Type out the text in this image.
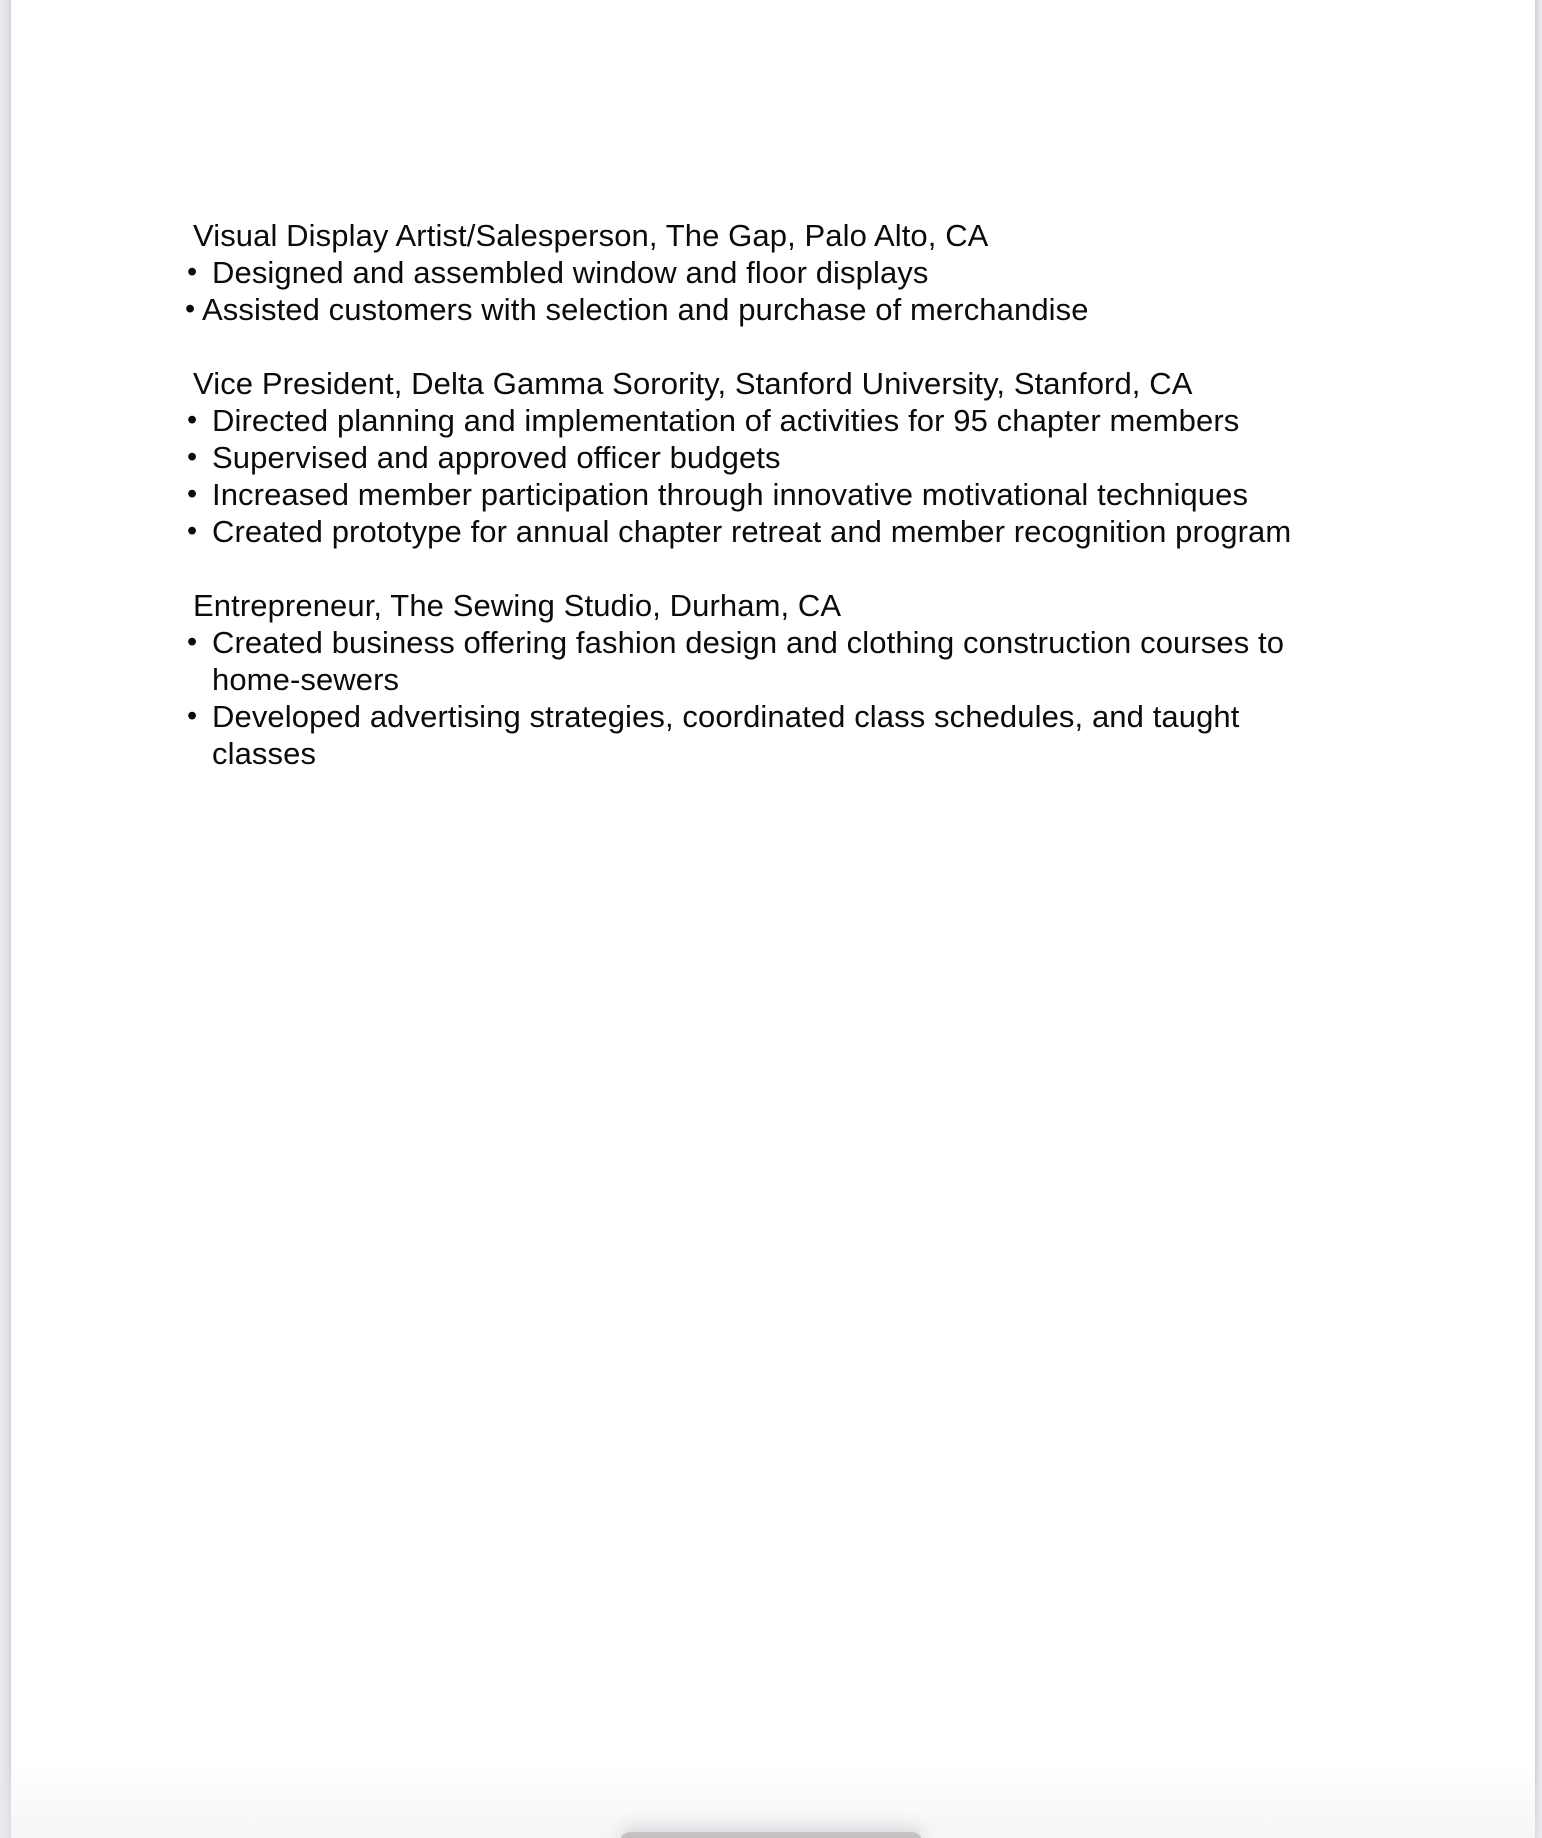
Visual Display Artist/Salesperson, The Gap, Palo Alto, CA
• Designed and assembled window and floor displays
• Assisted customers with selection and purchase of merchandise
Vice President, Delta Gamma Sorority, Stanford University, Stanford, CA
• Directed planning and implementation of activities for 95 chapter members
• Supervised and approved officer budgets
• Increased member participation through innovative motivational techniques
• Created prototype for annual chapter retreat and member recognition program
Entrepreneur, The Sewing Studio, Durham, CA
• Created business offering fashion design and clothing construction courses to
home-sewers
• Developed advertising strategies, coordinated class schedules, and taught
classes
